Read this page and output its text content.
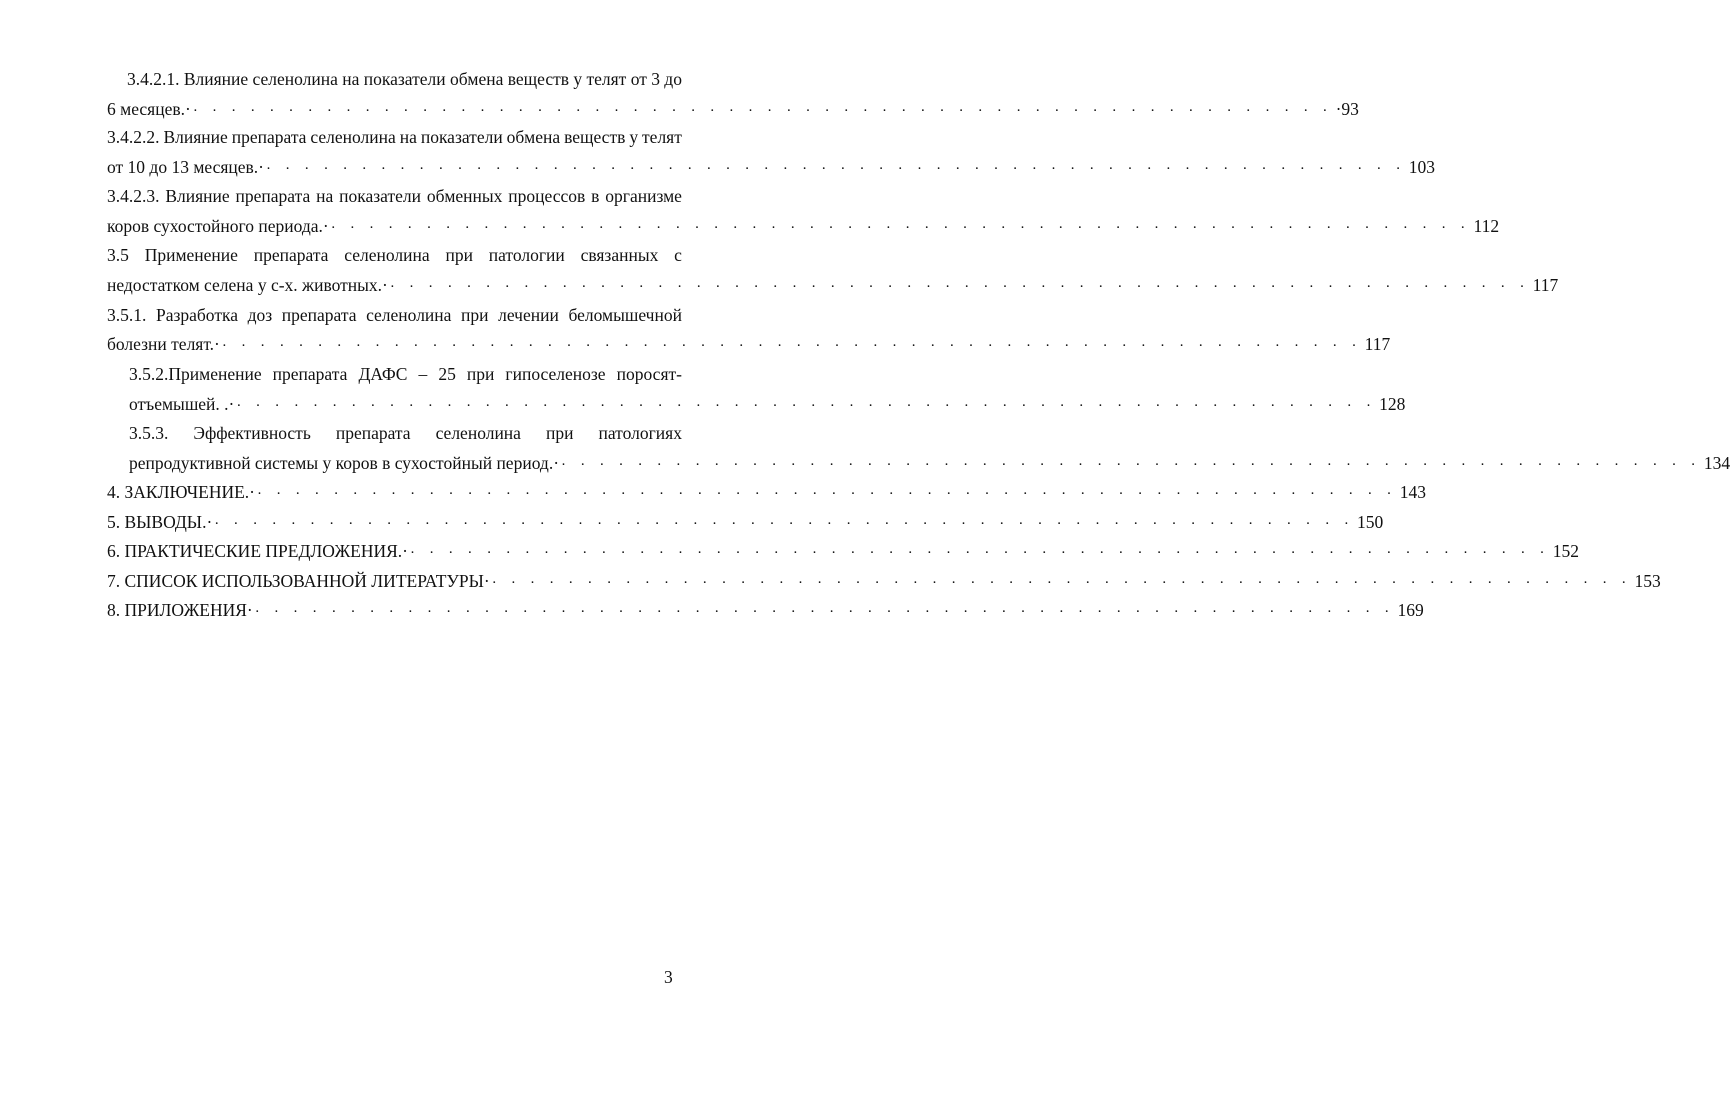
3.4.2.1. Влияние селенолина на показатели обмена веществ у телят от 3 до
6 месяцев.· · · · · · · · · · · · · · · · · · · · · · · · · · · · · · · · · · · · · · · · · · · · · · · · · · · · · · · · · · · · · ·93
3.4.2.2. Влияние препарата селенолина на показатели обмена веществ у телят
от 10 до 13 месяцев.· · · · · · · · · · · · · · · · · · · · · · · · · · · · · · · · · · · · · · · · · · · · · · · · · · · · · · · · · · · · · 103
3.4.2.3. Влияние препарата на показатели обменных процессов в организме
коров сухостойного периода.· · · · · · · · · · · · · · · · · · · · · · · · · · · · · · · · · · · · · · · · · · · · · · · · · · · · · · · · · · · · · 112
3.5 Применение препарата селенолина при патологии связанных с
недостатком селена у с-х. животных.· · · · · · · · · · · · · · · · · · · · · · · · · · · · · · · · · · · · · · · · · · · · · · · · · · · · · · · · · · · · · 117
3.5.1. Разработка доз препарата селенолина при лечении беломышечной
болезни телят.· · · · · · · · · · · · · · · · · · · · · · · · · · · · · · · · · · · · · · · · · · · · · · · · · · · · · · · · · · · · · 117
3.5.2.Применение препарата ДАФС – 25 при гипоселенозе поросят-
отъемышей. .· · · · · · · · · · · · · · · · · · · · · · · · · · · · · · · · · · · · · · · · · · · · · · · · · · · · · · · · · · · · · 128
3.5.3. Эффективность препарата селенолина при патологиях
репродуктивной системы у коров в сухостойный период.· · · · · · · · · · · · · · · · · · · · · · · · · · · · · · · · · · · · · · · · · · · · · · · · · · · · · · · · · · · · · 134
4. ЗАКЛЮЧЕНИЕ.· · · · · · · · · · · · · · · · · · · · · · · · · · · · · · · · · · · · · · · · · · · · · · · · · · · · · · · · · · · · · 143
5. ВЫВОДЫ.· · · · · · · · · · · · · · · · · · · · · · · · · · · · · · · · · · · · · · · · · · · · · · · · · · · · · · · · · · · · · 150
6. ПРАКТИЧЕСКИЕ ПРЕДЛОЖЕНИЯ.· · · · · · · · · · · · · · · · · · · · · · · · · · · · · · · · · · · · · · · · · · · · · · · · · · · · · · · · · · · · · 152
7. СПИСОК ИСПОЛЬЗОВАННОЙ ЛИТЕРАТУРЫ· · · · · · · · · · · · · · · · · · · · · · · · · · · · · · · · · · · · · · · · · · · · · · · · · · · · · · · · · · · · · 153
8. ПРИЛОЖЕНИЯ· · · · · · · · · · · · · · · · · · · · · · · · · · · · · · · · · · · · · · · · · · · · · · · · · · · · · · · · · · · · · 169
3
